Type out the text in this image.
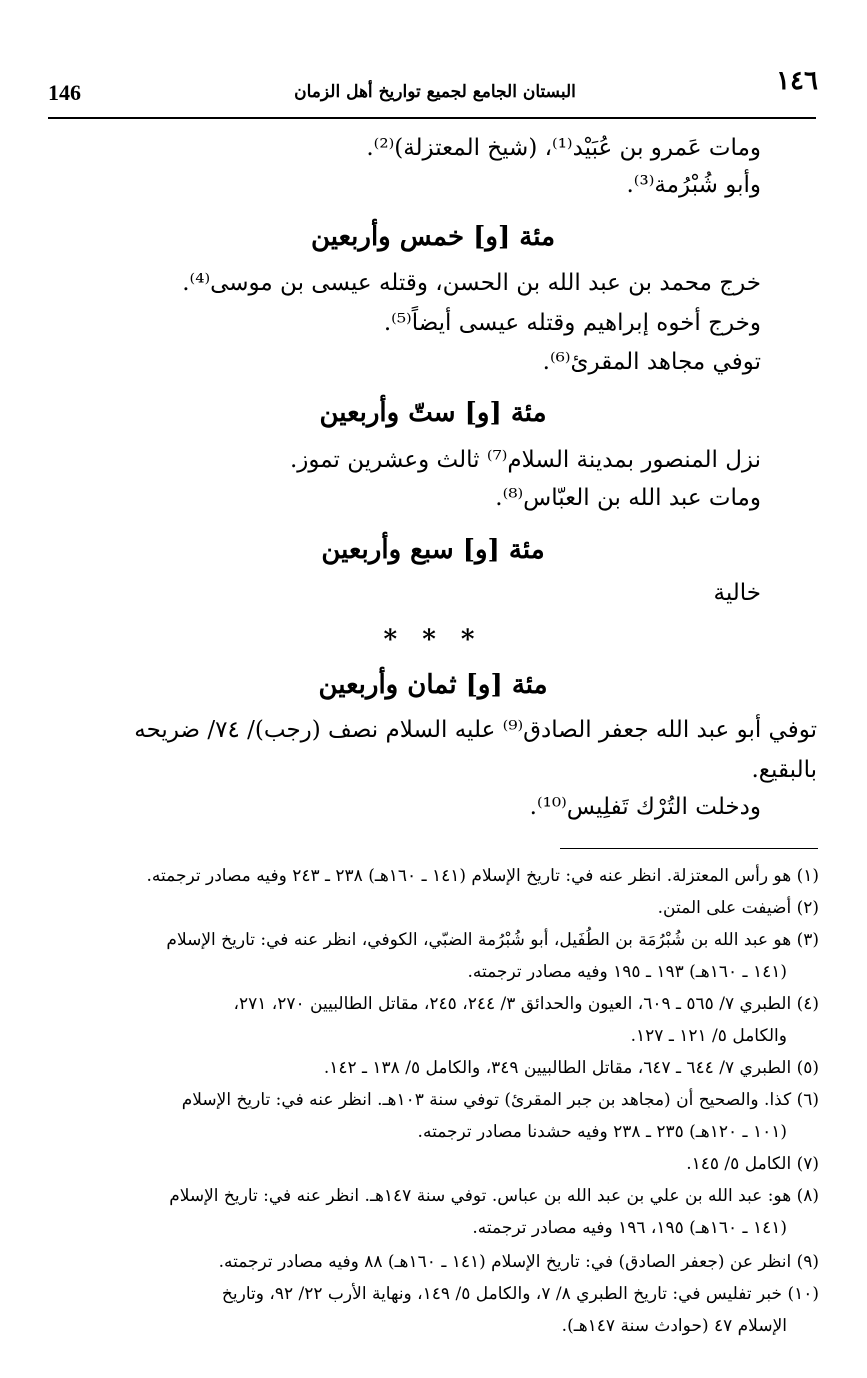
١٤٦
البستان الجامع لجميع تواريخ أهل الزمان
146
ومات عَمرو بن عُبَيْد⁽¹⁾، (شيخ المعتزلة)⁽²⁾.
وأبو شُبْرُمة⁽³⁾.
مئة [و] خمس وأربعين
خرج محمد بن عبد الله بن الحسن، وقتله عيسى بن موسى⁽⁴⁾.
وخرج أخوه إبراهيم وقتله عيسى أيضاً⁽⁵⁾.
توفي مجاهد المقرئ⁽⁶⁾.
مئة [و] ستّ وأربعين
نزل المنصور بمدينة السلام⁽⁷⁾ ثالث وعشرين تموز.
ومات عبد الله بن العبّاس⁽⁸⁾.
مئة [و] سبع وأربعين
خالية
* * *
مئة [و] ثمان وأربعين
توفي أبو عبد الله جعفر الصادق⁽⁹⁾ عليه السلام نصف (رجب)/ ٧٤/ ضريحه
بالبقيع.
ودخلت التُرْك تَفلِيس⁽¹⁰⁾.
(١) هو رأس المعتزلة. انظر عنه في: تاريخ الإسلام (١٤١ ـ ١٦٠هـ) ٢٣٨ ـ ٢٤٣ وفيه مصادر ترجمته.
(٢) أضيفت على المتن.
(٣) هو عبد الله بن شُبْرُمَة بن الطُفَيل، أبو شُبْرُمة الضبّي، الكوفي، انظر عنه في: تاريخ الإسلام
(١٤١ ـ ١٦٠هـ) ١٩٣ ـ ١٩٥ وفيه مصادر ترجمته.
(٤) الطبري ٧/ ٥٦٥ ـ ٦٠٩، العيون والحدائق ٣/ ٢٤٤، ٢٤٥، مقاتل الطالبيين ٢٧٠، ٢٧١،
والكامل ٥/ ١٢١ ـ ١٢٧.
(٥) الطبري ٧/ ٦٤٤ ـ ٦٤٧، مقاتل الطالبيين ٣٤٩، والكامل ٥/ ١٣٨ ـ ١٤٢.
(٦) كذا. والصحيح أن (مجاهد بن جبر المقرئ) توفي سنة ١٠٣هـ. انظر عنه في: تاريخ الإسلام
(١٠١ ـ ١٢٠هـ) ٢٣٥ ـ ٢٣٨ وفيه حشدنا مصادر ترجمته.
(٧) الكامل ٥/ ١٤٥.
(٨) هو: عبد الله بن علي بن عبد الله بن عباس. توفي سنة ١٤٧هـ. انظر عنه في: تاريخ الإسلام
(١٤١ ـ ١٦٠هـ) ١٩٥، ١٩٦ وفيه مصادر ترجمته.
(٩) انظر عن (جعفر الصادق) في: تاريخ الإسلام (١٤١ ـ ١٦٠هـ) ٨٨ وفيه مصادر ترجمته.
(١٠) خبر تفليس في: تاريخ الطبري ٨/ ٧، والكامل ٥/ ١٤٩، ونهاية الأرب ٢٢/ ٩٢، وتاريخ
الإسلام ٤٧ (حوادث سنة ١٤٧هـ).
